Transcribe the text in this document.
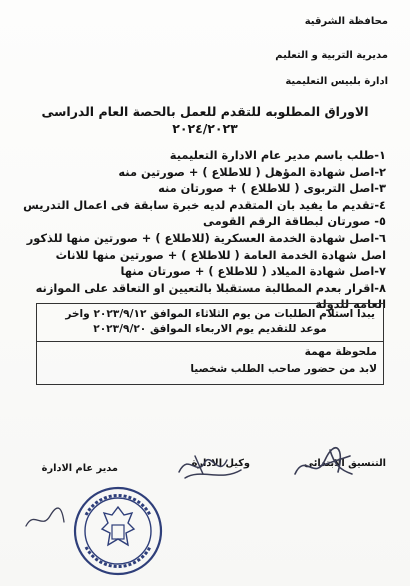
محافظة الشرقية
مديرية التربية و التعليم
ادارة بلبيس التعليمية
الاوراق المطلوبه للتقدم للعمل بالحصة العام الدراسى
٢٠٢٤/٢٠٢٣
١-طلب باسم مدير عام الادارة التعليمية
٢-اصل شهادة المؤهل ( للاطلاع ) + صورتين منه
٣-اصل التربوى ( للاطلاع ) + صورتان منه
٤-تقديم ما يفيد بان المتقدم لديه خبرة سابقة فى اعمال التدريس
٥- صورتان لبطاقة الرقم القومى
٦-اصل شهادة الخدمة العسكرية (للاطلاع ) + صورتين منها للذكور
اصل شهادة الخدمة العامة ( للاطلاع ) + صورتين منها للاناث
٧-اصل شهادة الميلاد ( للاطلاع ) + صورتان منها
٨-اقرار بعدم المطالبة مستقبلا بالتعيين او التعاقد على الموازنه العامه للدولة
يبدا استلام الطلبات من يوم الثلاثاء الموافق ٢٠٢٣/٩/١٢ واخر
موعد للتقديم يوم الاربعاء الموافق ٢٠٢٣/٩/٢٠
ملحوظة مهمة
لابد من حضور صاحب الطلب شخصيا
التنسيق الابتدائى
وكيل الادارة
مدير عام الادارة
